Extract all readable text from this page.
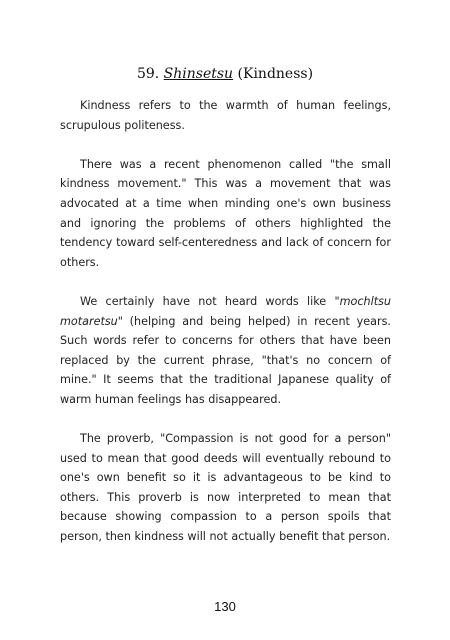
59. Shinsetsu (Kindness)

Kindness refers to the warmth of human feelings, scrupulous politeness.

There was a recent phenomenon called "the small kindness movement." This was a movement that was advocated at a time when minding one's own business and ignoring the problems of others highlighted the tendency toward self-centeredness and lack of concern for others.

We certainly have not heard words like "mochltsu motaretsu" (helping and being helped) in recent years. Such words refer to concerns for others that have been replaced by the current phrase, "that's no concern of mine." It seems that the traditional Japanese quality of warm human feelings has disappeared.

The proverb, "Compassion is not good for a person" used to mean that good deeds will eventually rebound to one's own benefit so it is advantageous to be kind to others. This proverb is now interpreted to mean that because showing compassion to a person spoils that person, then kindness will not actually benefit that person.

130
